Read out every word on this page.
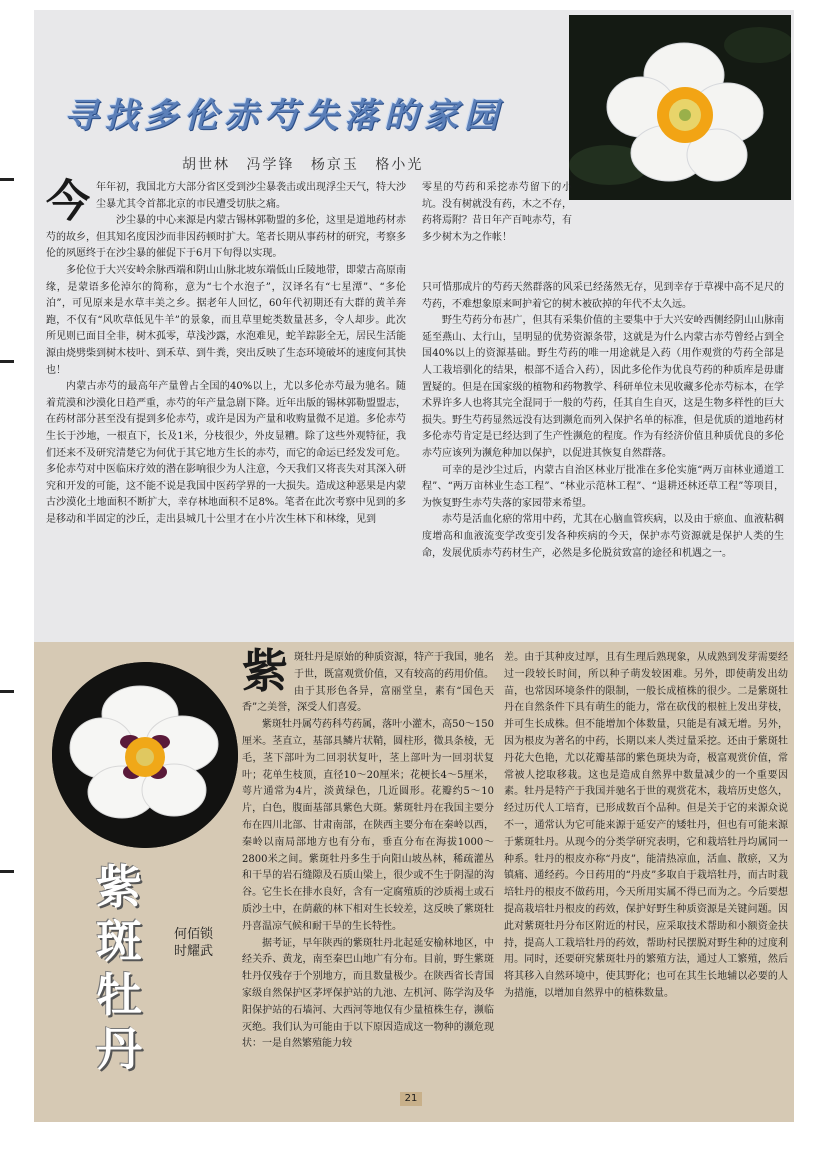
寻找多伦赤芍失落的家园
胡世林 冯学锋 杨京玉 格小光

今年年初，我国北方大部分省区受到沙尘暴袭击或出现浮尘天气，特大沙尘暴尤其令首都北京的市民遭受切肤之痛。

沙尘暴的中心来源是内蒙古锡林郭勒盟的多伦，这里是道地药材赤芍的故乡，但其知名度因沙而非因药顿时扩大。笔者长期从事药材的研究，考察多伦的夙愿终于在沙尘暴的催促下于6月下旬得以实现。

多伦位于大兴安岭余脉西端和阴山山脉北坡东端低山丘陵地带，即蒙古高原南缘，是蒙语多伦淖尔的简称，意为“七个水泡子”，汉译名有“七星潭”、“多伦泊”，可见原来是水草丰美之乡。据老年人回忆，60年代初期还有大群的黄羊奔跑，不仅有“风吹草低见牛羊”的景象，而且草里蛇类数量甚多，令人却步。此次所见则已面目全非，树木孤零，草浅沙露，水泡难见，蛇羊踪影全无，居民生活能源由烧劈柴到树木枝叶、到禾草、到牛粪，突出反映了生态环境破坏的速度何其快也！

内蒙古赤芍的最高年产量曾占全国的40%以上，尤以多伦赤芍最为驰名。随着荒漠和沙漠化日趋严重，赤芍的年产量急剧下降。近年出版的锡林郭勒盟盟志，在药材部分甚至没有提到多伦赤芍，或许是因为产量和收购量微不足道。多伦赤芍生长于沙地，一根直下，长及1米，分枝很少，外皮显糟。除了这些外观特征，我们还来不及研究清楚它为何优于其它地方生长的赤芍，而它的命运已经发发可危。多伦赤芍对中医临床疗效的潜在影响很少为人注意，今天我们又将丧失对其深入研究和开发的可能，这不能不说是我国中医药学界的一大损失。造成这种恶果是内蒙古沙漠化土地面积不断扩大，幸存林地面积不足8%。笔者在此次考察中见到的多是移动和半固定的沙丘，走出县城几十公里才在小片次生林下和林缘，见到

零星的芍药和采挖赤芍留下的小坑。没有树就没有药，木之不存，药将焉附？昔日年产百吨赤芍，有多少树木为之作帐！

只可惜那成片的芍药天然群落的风采已经荡然无存，见到幸存于草裸中高不足尺的芍药，不难想象原来呵护着它的树木被砍掉的年代不太久远。

野生芍药分布甚广，但其有采集价值的主要集中于大兴安岭西侧经阴山山脉南延至燕山、太行山，呈明显的优势资源条带，这就是为什么内蒙古赤芍曾经占到全国40%以上的资源基础。野生芍药的唯一用途就是入药（用作观赏的芍药全部是人工栽培驯化的结果，根部不适合入药），因此多伦作为优良芍药的种质库是毋庸置疑的。但是在国家级的植物和药物教学、科研单位未见收藏多伦赤芍标本，在学术界许多人也将其完全混同于一般的芍药，任其自生自灭，这是生物多样性的巨大损失。野生芍药显然远没有达到濒危而列入保护名单的标准，但是优质的道地药材多伦赤芍肯定是已经达到了生产性濒危的程度。作为有经济价值且种质优良的多伦赤芍应该列为濒危种加以保护，以促进其恢复自然群落。

可幸的是沙尘过后，内蒙古自治区林业厅批准在多伦实施“两万亩林业通道工程”、“两万亩林业生态工程”、“林业示范林工程”、“退耕还林还草工程”等项目，为恢复野生赤芍失落的家园带来希望。

赤芍是活血化瘀的常用中药，尤其在心脑血管疾病，以及由于瘀血、血液粘稠度增高和血液流变学改变引发各种疾病的今天，保护赤芍资源就是保护人类的生命，发展优质赤芍药材生产，必然是多伦脱贫致富的途径和机遇之一。

紫斑牡丹
何佰锁 时耀武

紫斑牡丹是原始的种质资源，特产于我国，驰名于世，既富观赏价值，又有较高的药用价值。由于其形色各异，富丽堂皇，素有“国色天香”之美誉，深受人们喜爱。

紫斑牡丹属芍药科芍药属，落叶小灌木，高50～150厘米。茎直立，基部具鳞片状鞘，圆柱形，微具条棱，无毛，茎下部叶为二回羽状复叶，茎上部叶为一回羽状复叶；花单生枝顶，直径10～20厘米；花梗长4～5厘米，萼片通常为4片，淡黄绿色，几近圆形。花瓣约5～10片，白色，腹面基部具紫色大斑。紫斑牡丹在我国主要分布在四川北部、甘肃南部，在陕西主要分布在秦岭以西，秦岭以南局部地方也有分布，垂直分布在海拔1000～2800米之间。紫斑牡丹多生于向阳山坡丛林，稀疏灌丛和干旱的岩石缝隙及石质山梁上，很少或不生于阴湿的沟谷。它生长在排水良好，含有一定腐殖质的沙质褐土或石质沙土中，在荫蔽的林下相对生长较差，这反映了紫斑牡丹喜温凉气候和耐干旱的生长特性。

据考证，早年陕西的紫斑牡丹北起延安榆林地区，中经关乔、黄龙，南至秦巴山地广有分布。目前，野生紫斑牡丹仅残存于个别地方，而且数量极少。在陕西省长青国家级自然保护区茅坪保护站的九池、左机河、陈学沟及华阳保护站的石墙河、大西河等地仅有少量植株生存，濒临灭绝。我们认为可能由于以下原因造成这一物种的濒危现状：一是自然繁殖能力较

差。由于其种皮过厚，且有生理后熟现象，从成熟到发芽需要经过一段较长时间，所以种子萌发较困难。另外，即使萌发出幼苗，也常因环境条件的限制，一般长成植株的很少。二是紫斑牡丹在自然条件下具有萌生的能力，常在砍伐的根桩上发出芽枝，并可生长成株。但不能增加个体数量，只能是有减无增。另外，因为根皮为著名的中药，长期以来人类过量采挖。还由于紫斑牡丹花大色艳，尤以花瓣基部的紫色斑块为奇，极富观赏价值，常常被人挖取移栽。这也是造成自然界中数量减少的一个重要因素。牡丹是特产于我国并驰名于世的观赏花木，栽培历史悠久，经过历代人工培育，已形成数百个品种。但是关于它的来源众说不一，通常认为它可能来源于延安产的矮牡丹，但也有可能来源于紫斑牡丹。从现今的分类学研究表明，它和栽培牡丹均属同一种系。牡丹的根皮亦称“丹皮”，能清热凉血，活血、散瘀，又为镇痛、通经药。今日药用的“丹皮”多取自于栽培牡丹，而古时栽培牡丹的根皮不做药用，今天所用实属不得已而为之。今后要想提高栽培牡丹根皮的药效，保护好野生种质资源是关键问题。因此对紫斑牡丹分布区附近的村民，应采取技术帮助和小额资金扶持，提高人工栽培牡丹的药效，帮助村民摆脱对野生种的过度利用。同时，还要研究紫斑牡丹的繁殖方法，通过人工繁殖，然后将其移入自然环境中，使其野化；也可在其生长地辅以必要的人为措施，以增加自然界中的植株数量。

21
